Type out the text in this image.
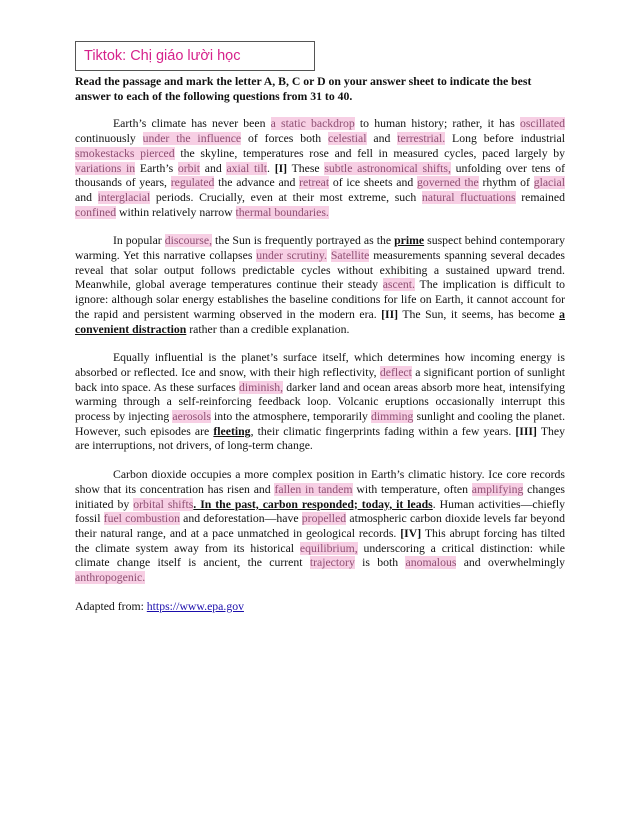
Tiktok: Chị giáo lười học

Read the passage and mark the letter A, B, C or D on your answer sheet to indicate the best answer to each of the following questions from 31 to 40.

Earth’s climate has never been a static backdrop to human history; rather, it has oscillated continuously under the influence of forces both celestial and terrestrial. Long before industrial smokestacks pierced the skyline, temperatures rose and fell in measured cycles, paced largely by variations in Earth’s orbit and axial tilt. [I] These subtle astronomical shifts, unfolding over tens of thousands of years, regulated the advance and retreat of ice sheets and governed the rhythm of glacial and interglacial periods. Crucially, even at their most extreme, such natural fluctuations remained confined within relatively narrow thermal boundaries.

In popular discourse, the Sun is frequently portrayed as the prime suspect behind contemporary warming. Yet this narrative collapses under scrutiny. Satellite measurements spanning several decades reveal that solar output follows predictable cycles without exhibiting a sustained upward trend. Meanwhile, global average temperatures continue their steady ascent. The implication is difficult to ignore: although solar energy establishes the baseline conditions for life on Earth, it cannot account for the rapid and persistent warming observed in the modern era. [II] The Sun, it seems, has become a convenient distraction rather than a credible explanation.

Equally influential is the planet’s surface itself, which determines how incoming energy is absorbed or reflected. Ice and snow, with their high reflectivity, deflect a significant portion of sunlight back into space. As these surfaces diminish, darker land and ocean areas absorb more heat, intensifying warming through a self-reinforcing feedback loop. Volcanic eruptions occasionally interrupt this process by injecting aerosols into the atmosphere, temporarily dimming sunlight and cooling the planet. However, such episodes are fleeting, their climatic fingerprints fading within a few years. [III] They are interruptions, not drivers, of long-term change.

Carbon dioxide occupies a more complex position in Earth’s climatic history. Ice core records show that its concentration has risen and fallen in tandem with temperature, often amplifying changes initiated by orbital shifts. In the past, carbon responded; today, it leads. Human activities—chiefly fossil fuel combustion and deforestation—have propelled atmospheric carbon dioxide levels far beyond their natural range, and at a pace unmatched in geological records. [IV] This abrupt forcing has tilted the climate system away from its historical equilibrium, underscoring a critical distinction: while climate change itself is ancient, the current trajectory is both anomalous and overwhelmingly anthropogenic.

Adapted from: https://www.epa.gov
